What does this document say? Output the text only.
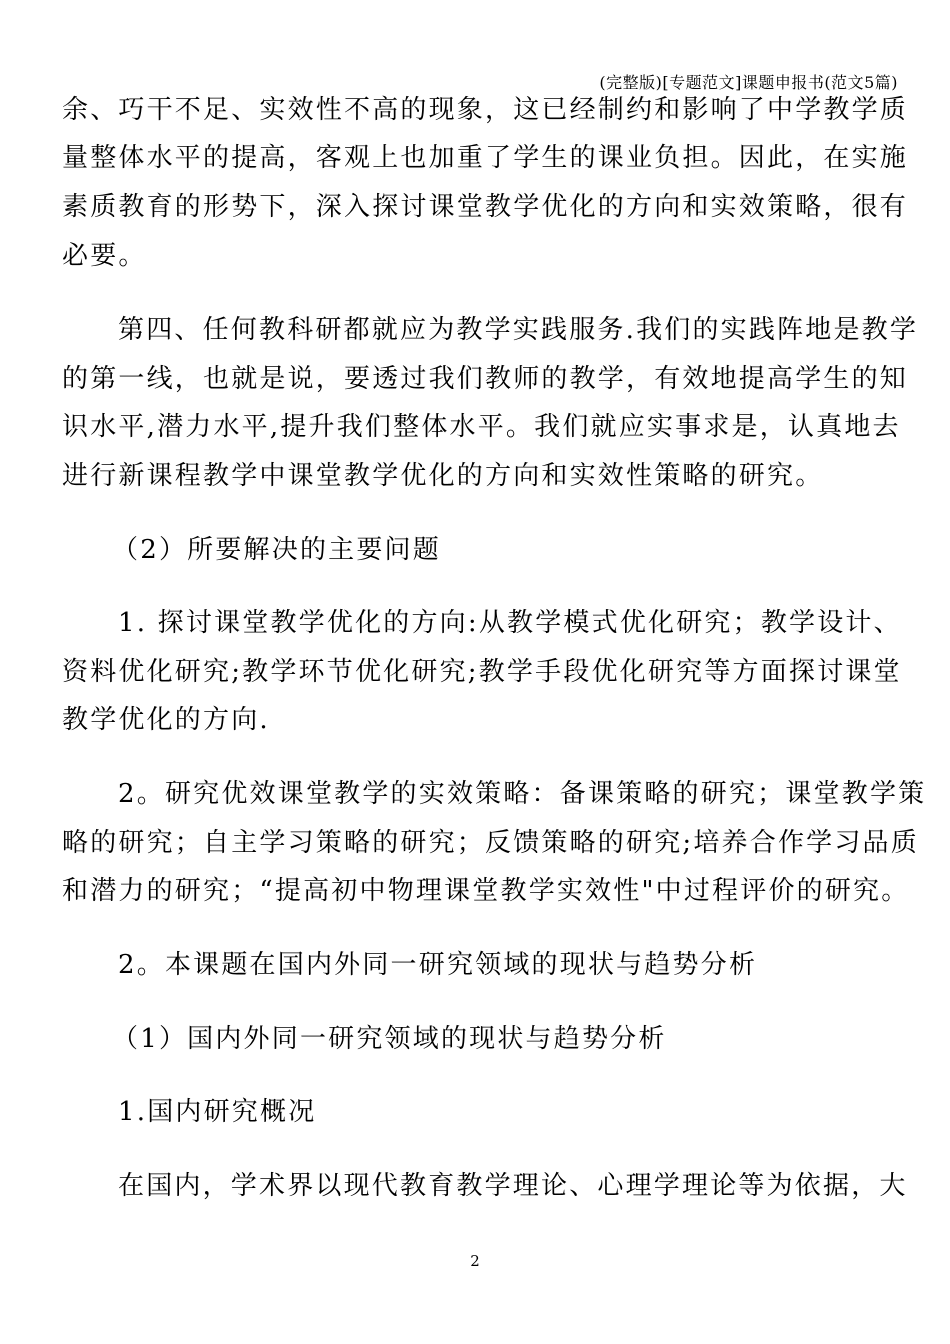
(完整版)[专题范文]课题申报书(范文5篇)
余、巧干不足、实效性不高的现象，这已经制约和影响了中学教学质
量整体水平的提高，客观上也加重了学生的课业负担。因此，在实施
素质教育的形势下，深入探讨课堂教学优化的方向和实效策略，很有
必要。
第四、任何教科研都就应为教学实践服务.我们的实践阵地是教学
的第一线，也就是说，要透过我们教师的教学，有效地提高学生的知
识水平,潜力水平,提升我们整体水平。我们就应实事求是，认真地去
进行新课程教学中课堂教学优化的方向和实效性策略的研究。
（2）所要解决的主要问题
1. 探讨课堂教学优化的方向:从教学模式优化研究；教学设计、
资料优化研究;教学环节优化研究;教学手段优化研究等方面探讨课堂
教学优化的方向.
2。研究优效课堂教学的实效策略：备课策略的研究；课堂教学策
略的研究；自主学习策略的研究；反馈策略的研究;培养合作学习品质
和潜力的研究；“提高初中物理课堂教学实效性"中过程评价的研究。
2。本课题在国内外同一研究领域的现状与趋势分析
（1）国内外同一研究领域的现状与趋势分析
1.国内研究概况
在国内，学术界以现代教育教学理论、心理学理论等为依据，大
2
